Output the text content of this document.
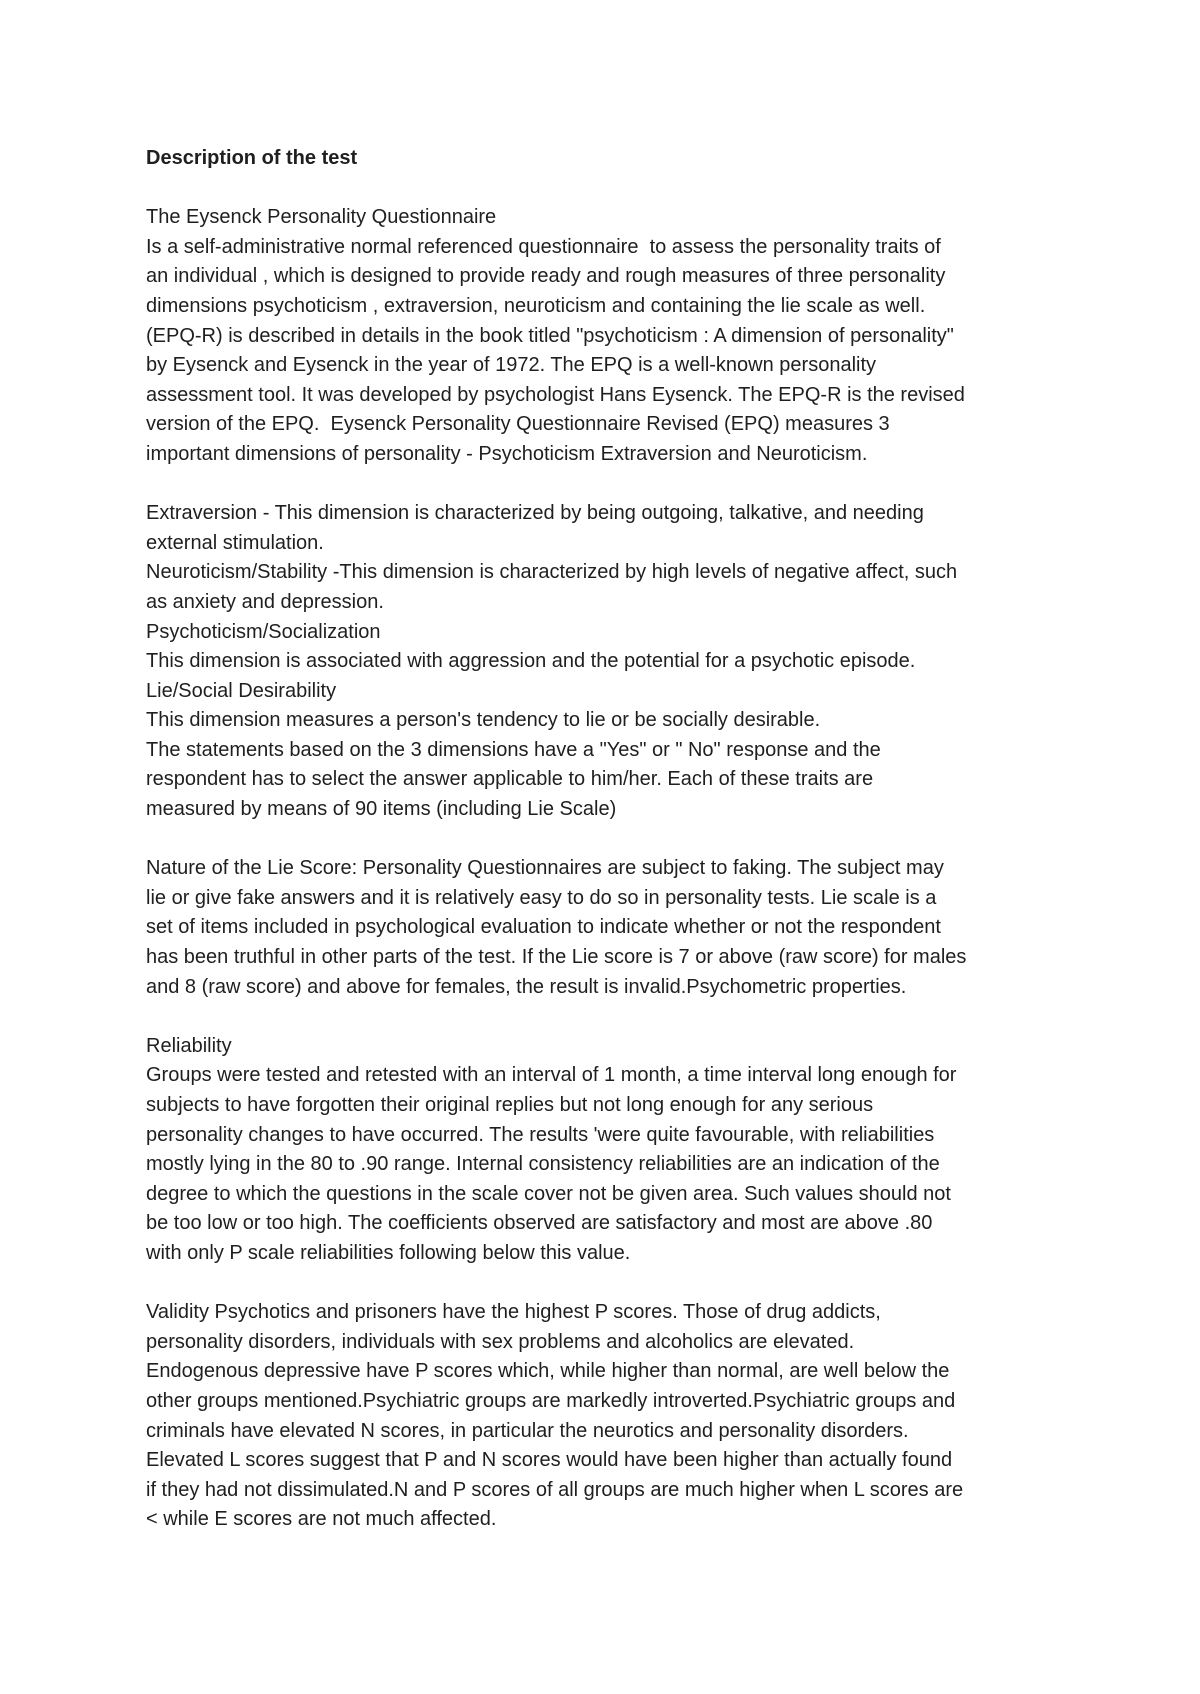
Description of the test
The Eysenck Personality Questionnaire
Is a self-administrative normal referenced questionnaire  to assess the personality traits of
an individual , which is designed to provide ready and rough measures of three personality
dimensions psychoticism , extraversion, neuroticism and containing the lie scale as well.
(EPQ-R) is described in details in the book titled "psychoticism : A dimension of personality"
by Eysenck and Eysenck in the year of 1972. The EPQ is a well-known personality
assessment tool. It was developed by psychologist Hans Eysenck. The EPQ-R is the revised
version of the EPQ.  Eysenck Personality Questionnaire Revised (EPQ) measures 3
important dimensions of personality - Psychoticism Extraversion and Neuroticism.
Extraversion - This dimension is characterized by being outgoing, talkative, and needing
external stimulation.
Neuroticism/Stability -This dimension is characterized by high levels of negative affect, such
as anxiety and depression.
Psychoticism/Socialization
This dimension is associated with aggression and the potential for a psychotic episode.
Lie/Social Desirability
This dimension measures a person's tendency to lie or be socially desirable.
The statements based on the 3 dimensions have a "Yes" or " No" response and the
respondent has to select the answer applicable to him/her. Each of these traits are
measured by means of 90 items (including Lie Scale)
Nature of the Lie Score: Personality Questionnaires are subject to faking. The subject may
lie or give fake answers and it is relatively easy to do so in personality tests. Lie scale is a
set of items included in psychological evaluation to indicate whether or not the respondent
has been truthful in other parts of the test. If the Lie score is 7 or above (raw score) for males
and 8 (raw score) and above for females, the result is invalid.Psychometric properties.
Reliability
Groups were tested and retested with an interval of 1 month, a time interval long enough for
subjects to have forgotten their original replies but not long enough for any serious
personality changes to have occurred. The results 'were quite favourable, with reliabilities
mostly lying in the 80 to .90 range. Internal consistency reliabilities are an indication of the
degree to which the questions in the scale cover not be given area. Such values should not
be too low or too high. The coefficients observed are satisfactory and most are above .80
with only P scale reliabilities following below this value.
Validity Psychotics and prisoners have the highest P scores. Those of drug addicts,
personality disorders, individuals with sex problems and alcoholics are elevated.
Endogenous depressive have P scores which, while higher than normal, are well below the
other groups mentioned.Psychiatric groups are markedly introverted.Psychiatric groups and
criminals have elevated N scores, in particular the neurotics and personality disorders.
Elevated L scores suggest that P and N scores would have been higher than actually found
if they had not dissimulated.N and P scores of all groups are much higher when L scores are
< while E scores are not much affected.
